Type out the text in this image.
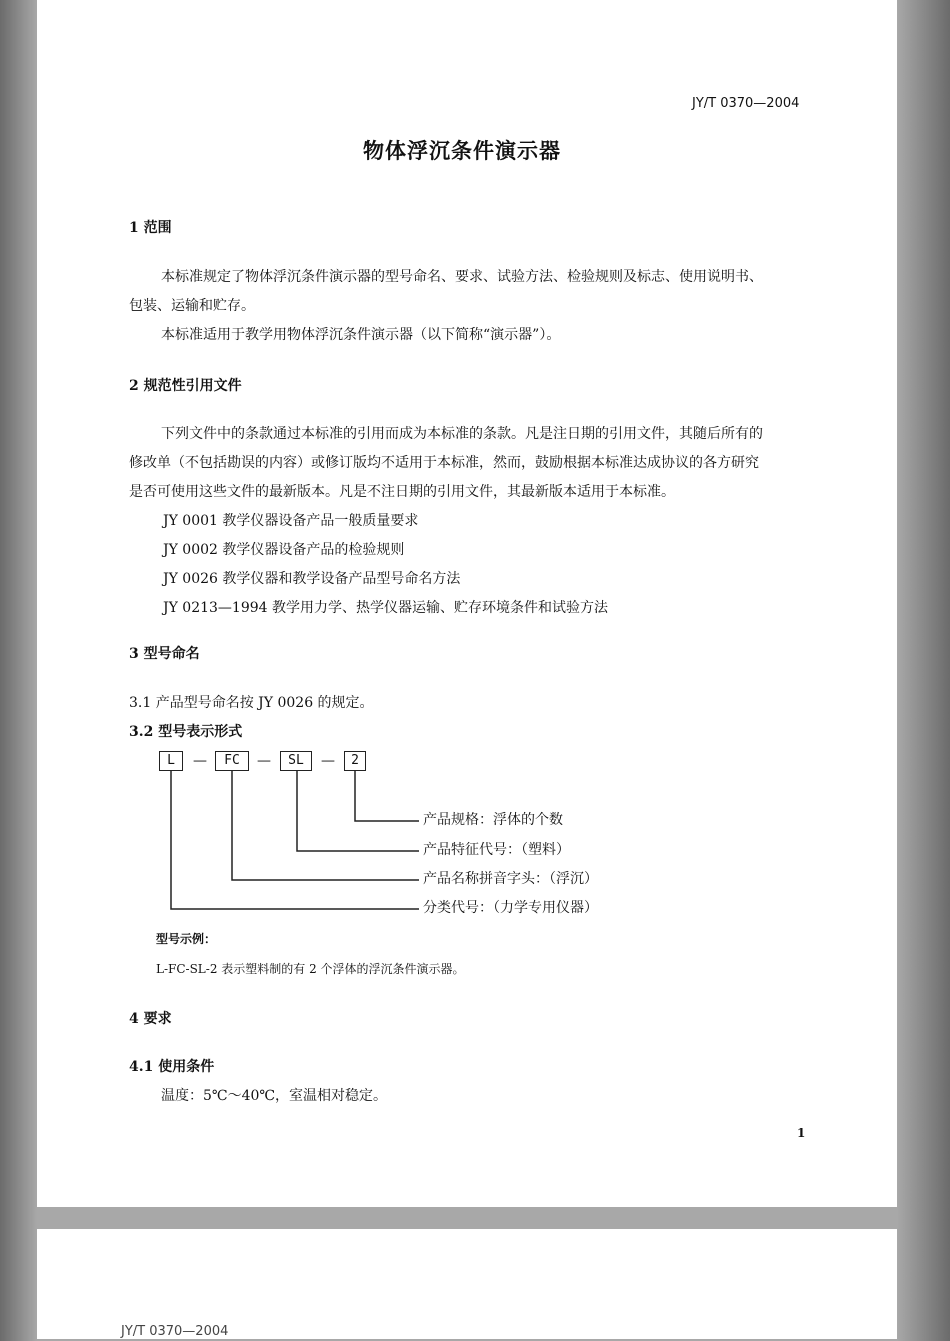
JY/T 0370—2004
物体浮沉条件演示器
1 范围
本标准规定了物体浮沉条件演示器的型号命名、要求、试验方法、检验规则及标志、使用说明书、
包装、运输和贮存。
本标准适用于教学用物体浮沉条件演示器（以下简称“演示器”）。
2 规范性引用文件
下列文件中的条款通过本标准的引用而成为本标准的条款。凡是注日期的引用文件，其随后所有的
修改单（不包括勘误的内容）或修订版均不适用于本标准，然而，鼓励根据本标准达成协议的各方研究
是否可使用这些文件的最新版本。凡是不注日期的引用文件，其最新版本适用于本标准。
JY 0001 教学仪器设备产品一般质量要求
JY 0002 教学仪器设备产品的检验规则
JY 0026 教学仪器和教学设备产品型号命名方法
JY 0213—1994 教学用力学、热学仪器运输、贮存环境条件和试验方法
3 型号命名
3.1 产品型号命名按 JY 0026 的规定。
3.2 型号表示形式
L	—	FC	—	SL	—	2
产品规格：浮体的个数
产品特征代号：（塑料）
产品名称拼音字头：（浮沉）
分类代号：（力学专用仪器）
型号示例：
L-FC-SL-2 表示塑料制的有 2 个浮体的浮沉条件演示器。
4 要求
4.1 使用条件
温度：5℃～40℃，室温相对稳定。
1
JY/T 0370—2004
